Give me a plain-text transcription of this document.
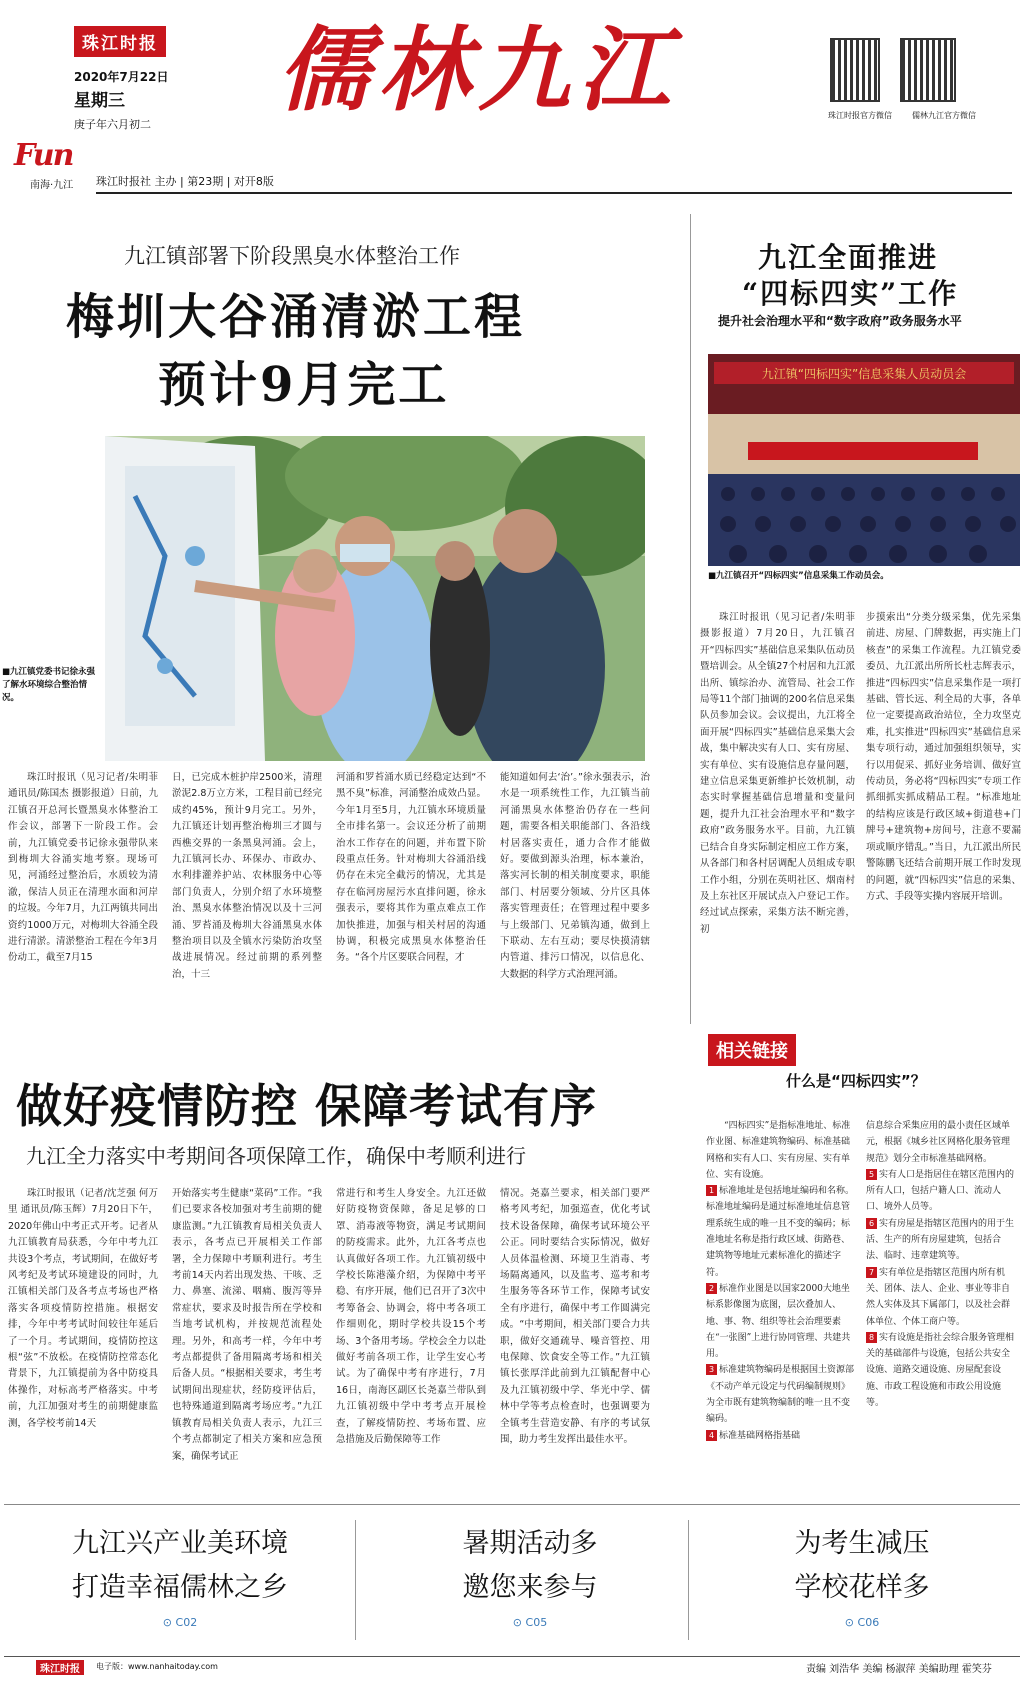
珠江时报
2020年7月22日
星期三
庚子年六月初二
儒林九江	珠江时报官方微信	儒林九江官方微信
Fun
南海·九江 珠江时报社 主办 | 第23期 | 对开8版
九江镇部署下阶段黑臭水体整治工作
梅圳大谷涌清淤工程
预计9月完工
■九江镇党委书记徐永强了解水环境综合整治情况。
珠江时报讯（见习记者/朱明菲 通讯员/陈国杰 摄影报道）日前，九江镇召开总河长暨黑臭水体整治工作会议，部署下一阶段工作。会前，九江镇党委书记徐永强带队来到梅圳大谷涌实地考察。现场可见，河涌经过整治后，水质较为清澈，保洁人员正在清理水面和河岸的垃圾。今年7月，九江两镇共同出资约1000万元，对梅圳大谷涌全段进行清淤。清淤整治工程在今年3月份动工，截至7月15
日，已完成木桩护岸2500米，清理淤泥2.8万立方米，工程目前已经完成约45%，预计9月完工。另外，九江镇还计划再整治梅圳三才圆与西樵交界的一条黑臭河涌。会上，九江镇河长办、环保办、市政办、水利排灌养护站、农林服务中心等部门负责人，分别介绍了水环境整治、黑臭水体整治情况以及十三河涌、罗苔涌及梅圳大谷涌黑臭水体整治项目以及全镇水污染防治攻坚战进展情况。经过前期的系列整治，十三
河涌和罗苔涌水质已经稳定达到“不黑不臭”标准，河涌整治成效凸显。今年1月至5月，九江镇水环境质量全市排名第一。会议还分析了前期治水工作存在的问题，并布置下阶段重点任务。针对梅圳大谷涌沿线仍存在未完全截污的情况，尤其是存在临河房屋污水直排问题，徐永强表示，要将其作为重点难点工作加快推进，加强与相关村居的沟通协调，积极完成黑臭水体整治任务。“各个片区要联合同程，才
能知道如何去‘治’。”徐永强表示，治水是一项系统性工作，九江镇当前河涌黑臭水体整治仍存在一些问题，需要各相关职能部门、各沿线村居落实责任，通力合作才能做好。要做到源头治理，标本兼治，落实河长制的相关制度要求，职能部门、村居要分领域、分片区具体落实管理责任；在管理过程中要多与上级部门、兄弟镇沟通，做到上下联动、左右互动；要尽快摸清辖内管道、排污口情况，以信息化、大数据的科学方式治理河涌。
九江全面推进
“四标四实”工作
提升社会治理水平和“数字政府”政务服务水平
九江镇“四标四实”信息采集人员动员会
■九江镇召开“四标四实”信息采集工作动员会。
珠江时报讯（见习记者/朱明菲 摄影报道）7月20日，九江镇召开“四标四实”基础信息采集队伍动员暨培训会。从全镇27个村居和九江派出所、镇综治办、流管局、社会工作局等11个部门抽调的200名信息采集队员参加会议。会议提出，九江将全面开展“四标四实”基础信息采集大会战，集中解决实有人口、实有房屋、实有单位、实有设施信息存量问题，建立信息采集更新维护长效机制，动态实时掌握基础信息增量和变量问题，提升九江社会治理水平和“数字政府”政务服务水平。目前，九江镇已结合自身实际制定相应工作方案，从各部门和各村居调配人员组成专职工作小组，分别在英明社区、烟南村及上东社区开展试点入户登记工作。经过试点探索，采集方法不断完善，初
步摸索出“分类分级采集，优先采集前进、房屋、门牌数据，再实施上门核查”的采集工作流程。九江镇党委委员、九江派出所所长杜志辉表示，推进“四标四实”信息采集作是一项打基础、管长远、利全局的大事，各单位一定要提高政治站位，全力攻坚克难，扎实推进“四标四实”基础信息采集专项行动，通过加强组织领导，实行以用促采、抓好业务培训、做好宣传动员，务必将“四标四实”专项工作抓细抓实抓成精品工程。“标准地址的结构应该是行政区域+街道巷+门牌号+建筑物+房间号，注意不要漏项或顺序错乱。”当日，九江派出所民警陈鹏飞还结合前期开展工作时发现的问题，就“四标四实”信息的采集、方式、手段等实操内容展开培训。
相关链接
什么是“四标四实”？
“四标四实”是指标准地址、标准作业图、标准建筑物编码、标准基础网格和实有人口、实有房屋、实有单位、实有设施。
1 标准地址是包括地址编码和名称。标准地址编码是通过标准地址信息管理系统生成的唯一且不变的编码；标准地址名称是指行政区域、街路巷、建筑物等地址元素标准化的描述字符。
2 标准作业图是以国家2000大地坐标系影像图为底图，层次叠加人、地、事、物、组织等社会治理要素在“一张图”上进行协同管理、共建共用。
3 标准建筑物编码是根据国土资源部《不动产单元设定与代码编制规则》为全市既有建筑物编制的唯一且不变编码。
4 标准基础网格指基础
信息综合采集应用的最小责任区域单元，根据《城乡社区网格化服务管理规范》划分全市标准基础网格。
5 实有人口是指居住在辖区范围内的所有人口，包括户籍人口、流动人口、境外人员等。
6 实有房屋是指辖区范围内的用于生活、生产的所有房屋建筑，包括合法、临时、违章建筑等。
7 实有单位是指辖区范围内所有机关、团体、法人、企业、事业等非自然人实体及其下属部门，以及社会群体单位、个体工商户等。
8 实有设施是指社会综合服务管理相关的基础部件与设施，包括公共安全设施、道路交通设施、房屋配套设施、市政工程设施和市政公用设施等。
做好疫情防控 保障考试有序
九江全力落实中考期间各项保障工作，确保中考顺利进行
珠江时报讯（记者/沈芝强 何万里 通讯员/陈玉辉）7月20日下午，2020年佛山中考正式开考。记者从九江镇教育局获悉，今年中考九江共设3个考点，考试期间，在做好考风考纪及考试环境建设的同时，九江镇相关部门及各考点考场也严格落实各项疫情防控措施。根据安排，今年中考考试时间较往年延后了一个月。考试期间，疫情防控这根“弦”不放松。在疫情防控常态化背景下，九江镇提前为各中防疫具体操作，对标高考严格落实。中考前，九江加强对考生的前期健康监测，各学校考前14天
开始落实考生健康“菜码”工作。“我们已要求各校加强对考生前期的健康监测。”九江镇教育局相关负责人表示，各考点已开展相关工作部署，全力保障中考顺利进行。考生考前14天内若出现发热、干咳、乏力、鼻塞、流涕、咽痛、腹泻等异常症状，要求及时报告所在学校和当地考试机构，并按规范流程处理。另外，和高考一样，今年中考考点都提供了备用隔离考场和相关后备人员。“根据相关要求，考生考试期间出现症状，经防疫评估后，也特殊通道到隔离考场应考。”九江镇教育局相关负责人表示，九江三个考点都制定了相关方案和应急预案，确保考试正
常进行和考生人身安全。九江还做好防疫物资保障，备足足够的口罩、消毒液等物资，满足考试期间的防疫需求。此外，九江各考点也认真做好各项工作。九江镇初级中学校长陈港藻介绍，为保障中考平稳、有序开展，他们已召开了3次中考筹备会、协调会，将中考各项工作细则化，期时学校共设15个考场、3个备用考场。学校会全力以赴做好考前各项工作，让学生安心考试。为了确保中考有序进行，7月16日，南海区副区长尧嘉兰带队到九江镇初级中学中考考点开展检查，了解疫情防控、考场布置、应急措施及后勤保障等工作
情况。尧嘉兰要求，相关部门要严格考风考纪，加强巡查，优化考试技术设备保障，确保考试环境公平公正。同时要结合实际情况，做好人员体温检测、环境卫生消毒、考场隔离通风，以及监考、巡考和考生服务等各环节工作，保障考试安全有序进行，确保中考工作圆满完成。“中考期间，相关部门要合力共职，做好交通疏导、噪音管控、用电保障、饮食安全等工作。”九江镇镇长张厚洋此前到九江镇配督中心及九江镇初级中学、华光中学、儒林中学等考点检查时，也强调要为全镇考生营造安静、有序的考试氛围，助力考生发挥出最佳水平。
九江兴产业美环境
打造幸福儒林之乡
⊙ C02
暑期活动多
邀您来参与
⊙ C05
为考生减压
学校花样多
⊙ C06
珠江时报	电子版：www.nanhaitoday.com	责编 刘浩华 美编 杨淑萍 美编助理 霍笑芬
